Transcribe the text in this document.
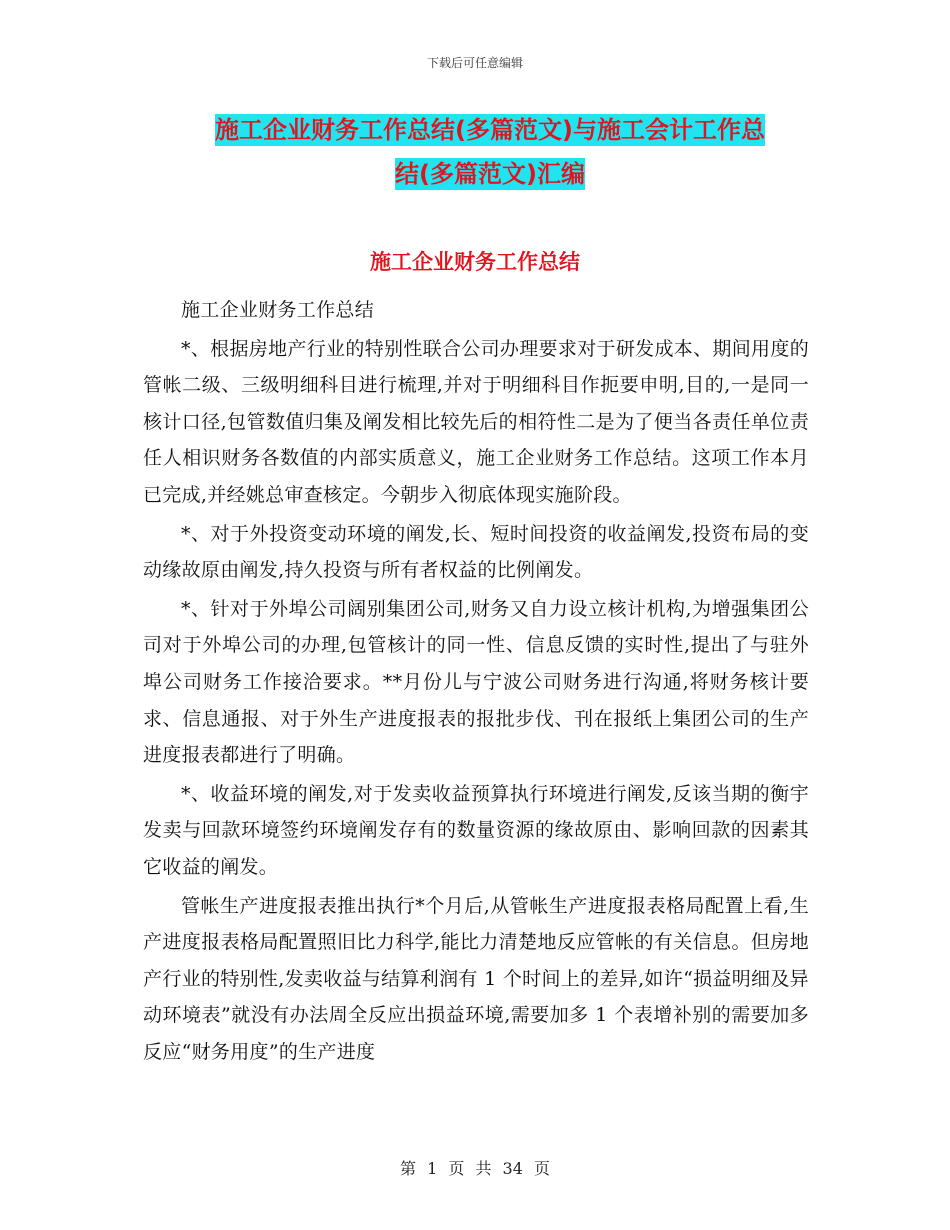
下载后可任意编辑
施工企业财务工作总结(多篇范文)与施工会计工作总
结(多篇范文)汇编
施工企业财务工作总结

施工企业财务工作总结

*、根据房地产行业的特别性联合公司办理要求对于研发成本、期间用度的管帐二级、三级明细科目进行梳理,并对于明细科目作扼要申明,目的,一是同一核计口径,包管数值归集及阐发相比较先后的相符性二是为了便当各责任单位责任人相识财务各数值的内部实质意义，施工企业财务工作总结。这项工作本月已完成,并经姚总审查核定。今朝步入彻底体现实施阶段。

*、对于外投资变动环境的阐发,长、短时间投资的收益阐发,投资布局的变动缘故原由阐发,持久投资与所有者权益的比例阐发。

*、针对于外埠公司阔别集团公司,财务又自力设立核计机构,为增强集团公司对于外埠公司的办理,包管核计的同一性、信息反馈的实时性,提出了与驻外埠公司财务工作接洽要求。**月份儿与宁波公司财务进行沟通,将财务核计要求、信息通报、对于外生产进度报表的报批步伐、刊在报纸上集团公司的生产进度报表都进行了明确。

*、收益环境的阐发,对于发卖收益预算执行环境进行阐发,反该当期的衡宇发卖与回款环境签约环境阐发存有的数量资源的缘故原由、影响回款的因素其它收益的阐发。

管帐生产进度报表推出执行*个月后,从管帐生产进度报表格局配置上看,生产进度报表格局配置照旧比力科学,能比力清楚地反应管帐的有关信息。但房地产行业的特别性,发卖收益与结算利润有 1 个时间上的差异,如许“损益明细及异动环境表”就没有办法周全反应出损益环境,需要加多 1 个表增补别的需要加多反应“财务用度”的生产进度

第 1 页 共 34 页
